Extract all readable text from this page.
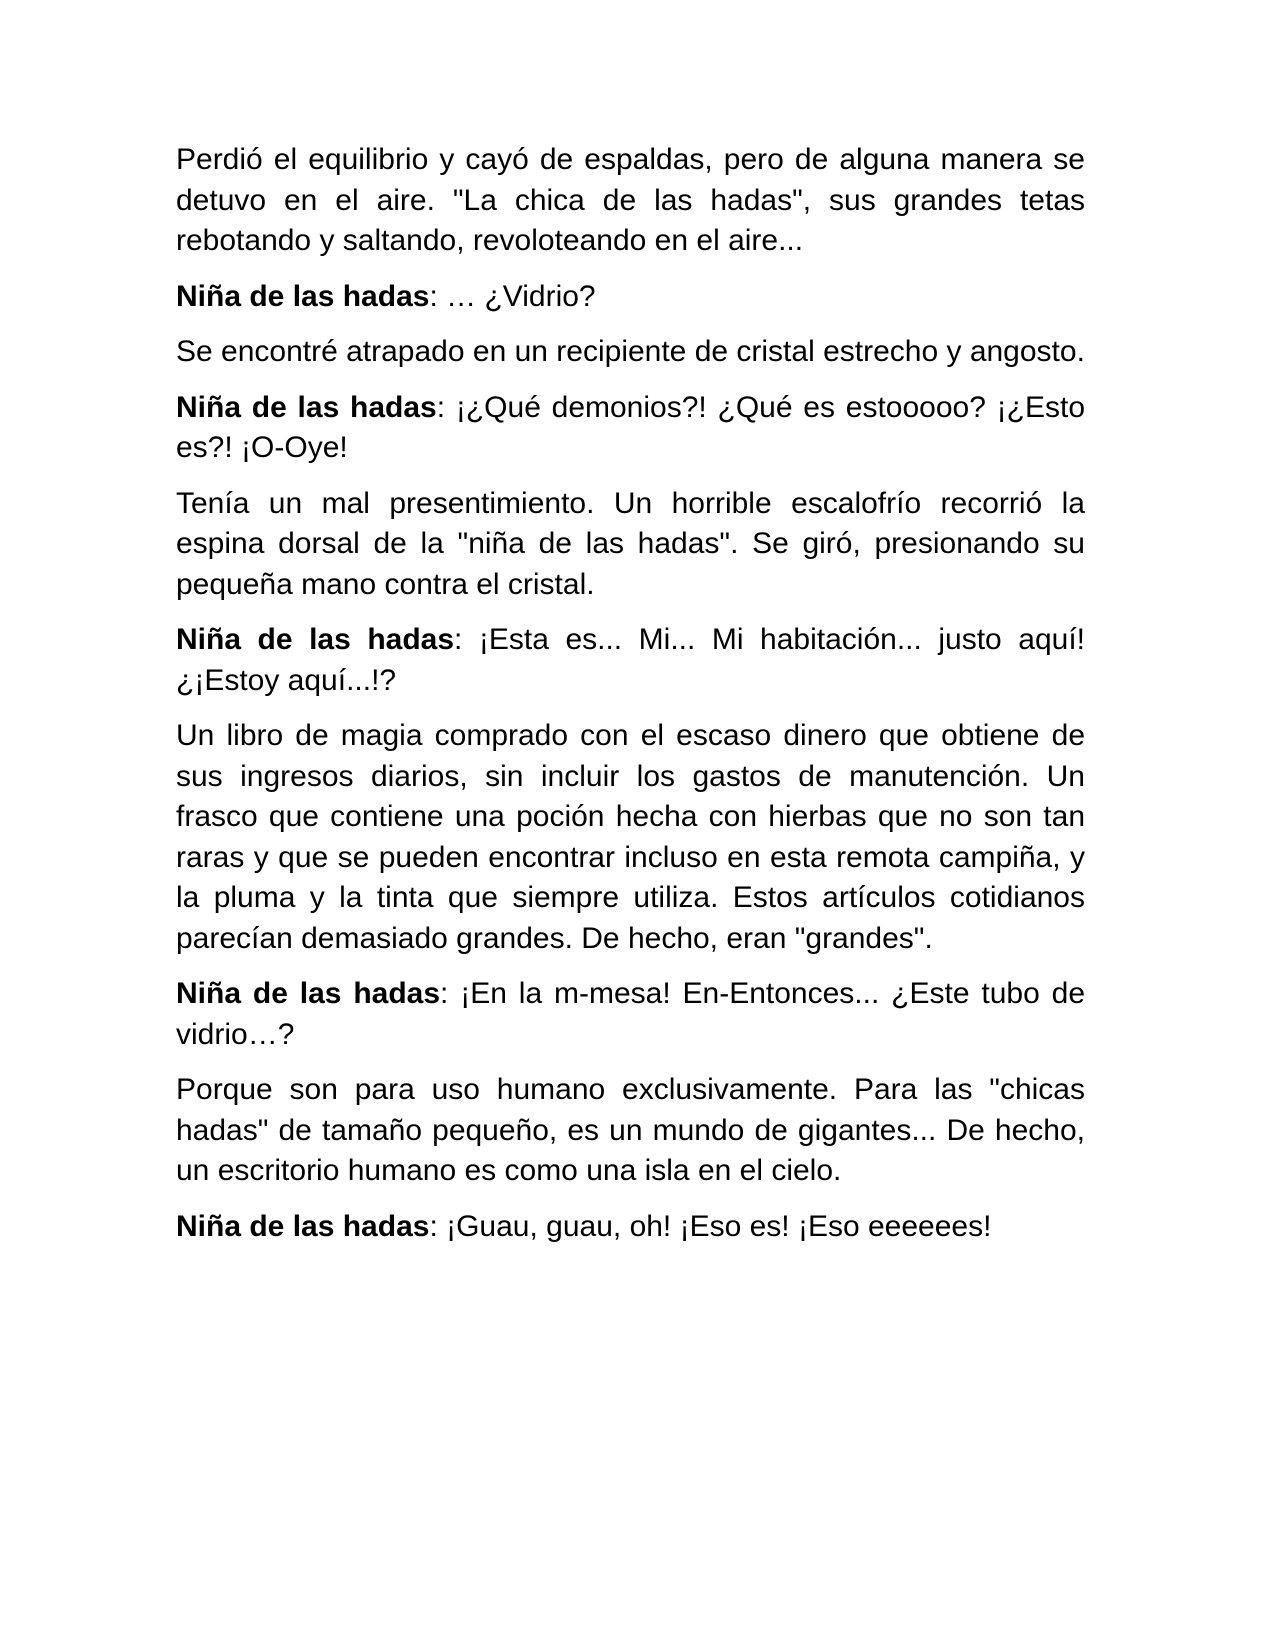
Perdió el equilibrio y cayó de espaldas, pero de alguna manera se detuvo en el aire. "La chica de las hadas", sus grandes tetas rebotando y saltando, revoloteando en el aire...

Niña de las hadas: … ¿Vidrio?

Se encontré atrapado en un recipiente de cristal estrecho y angosto.

Niña de las hadas: ¡¿Qué demonios?! ¿Qué es estooooo? ¡¿Esto es?! ¡O-Oye!

Tenía un mal presentimiento. Un horrible escalofrío recorrió la espina dorsal de la "niña de las hadas". Se giró, presionando su pequeña mano contra el cristal.

Niña de las hadas: ¡Esta es... Mi... Mi habitación... justo aquí! ¿¡Estoy aquí...!?

Un libro de magia comprado con el escaso dinero que obtiene de sus ingresos diarios, sin incluir los gastos de manutención. Un frasco que contiene una poción hecha con hierbas que no son tan raras y que se pueden encontrar incluso en esta remota campiña, y la pluma y la tinta que siempre utiliza. Estos artículos cotidianos parecían demasiado grandes. De hecho, eran "grandes".

Niña de las hadas: ¡En la m-mesa! En-Entonces... ¿Este tubo de vidrio…?

Porque son para uso humano exclusivamente. Para las "chicas hadas" de tamaño pequeño, es un mundo de gigantes... De hecho, un escritorio humano es como una isla en el cielo.

Niña de las hadas: ¡Guau, guau, oh! ¡Eso es! ¡Eso eeeeees!
